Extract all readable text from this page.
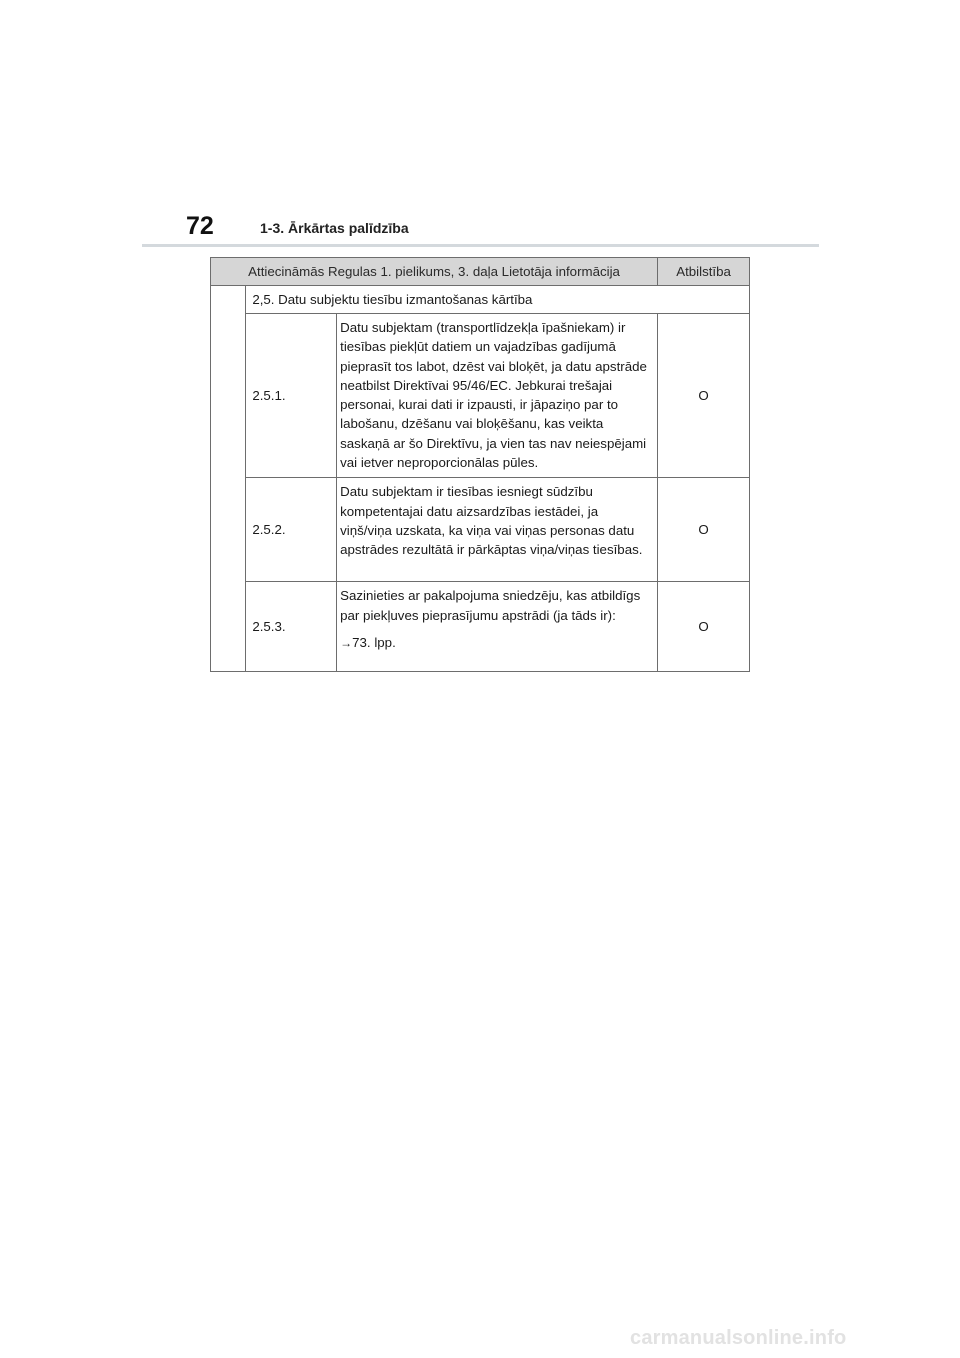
72	1-3. Ārkārtas palīdzība
Attiecināmās Regulas 1. pielikums, 3. daļa Lietotāja informācija			Atbilstība
	2,5. Datu subjektu tiesību izmantošanas kārtība		
	2.5.1.	Datu subjektam (transportlīdzekļa īpašniekam) ir tiesības piekļūt datiem un vajadzības gadījumā pieprasīt tos labot, dzēst vai bloķēt, ja datu apstrāde neatbilst Direktīvai 95/46/EC. Jebkurai trešajai personai, kurai dati ir izpausti, ir jāpaziņo par to labošanu, dzēšanu vai bloķēšanu, kas veikta saskaņā ar šo Direktīvu, ja vien tas nav neiespējami vai ietver neproporcionālas pūles.	O
	2.5.2.	Datu subjektam ir tiesības iesniegt sūdzību kompetentajai datu aizsardzības iestādei, ja viņš/viņa uzskata, ka viņa vai viņas personas datu apstrādes rezultātā ir pārkāptas viņa/viņas tiesības.	O
	2.5.3.	Sazinieties ar pakalpojuma sniedzēju, kas atbildīgs par piekļuves pieprasījumu apstrādi (ja tāds ir):

→73. lpp.	O
carmanualsonline.info
